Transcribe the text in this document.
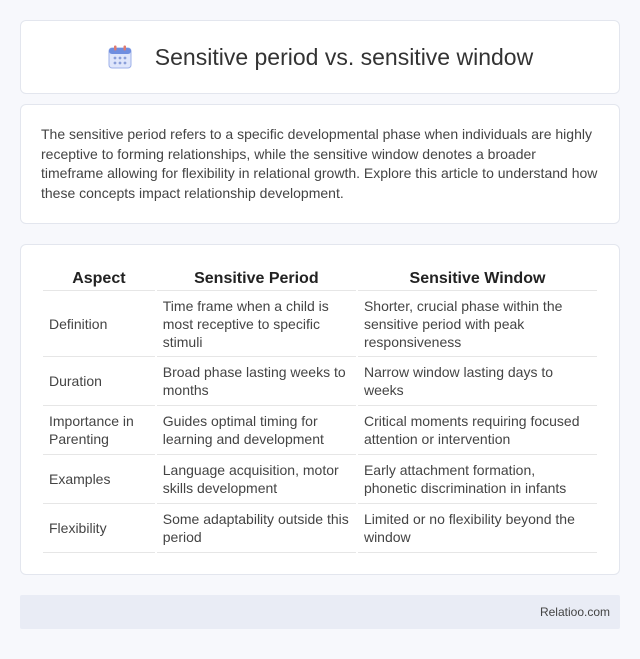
Sensitive period vs. sensitive window

The sensitive period refers to a specific developmental phase when individuals are highly receptive to forming relationships, while the sensitive window denotes a broader timeframe allowing for flexibility in relational growth. Explore this article to understand how these concepts impact relationship development.

Aspect	Sensitive Period	Sensitive Window
Definition	Time frame when a child is most receptive to specific stimuli	Shorter, crucial phase within the sensitive period with peak responsiveness
Duration	Broad phase lasting weeks to months	Narrow window lasting days to weeks
Importance in Parenting	Guides optimal timing for learning and development	Critical moments requiring focused attention or intervention
Examples	Language acquisition, motor skills development	Early attachment formation, phonetic discrimination in infants
Flexibility	Some adaptability outside this period	Limited or no flexibility beyond the window
Relatioo.com
